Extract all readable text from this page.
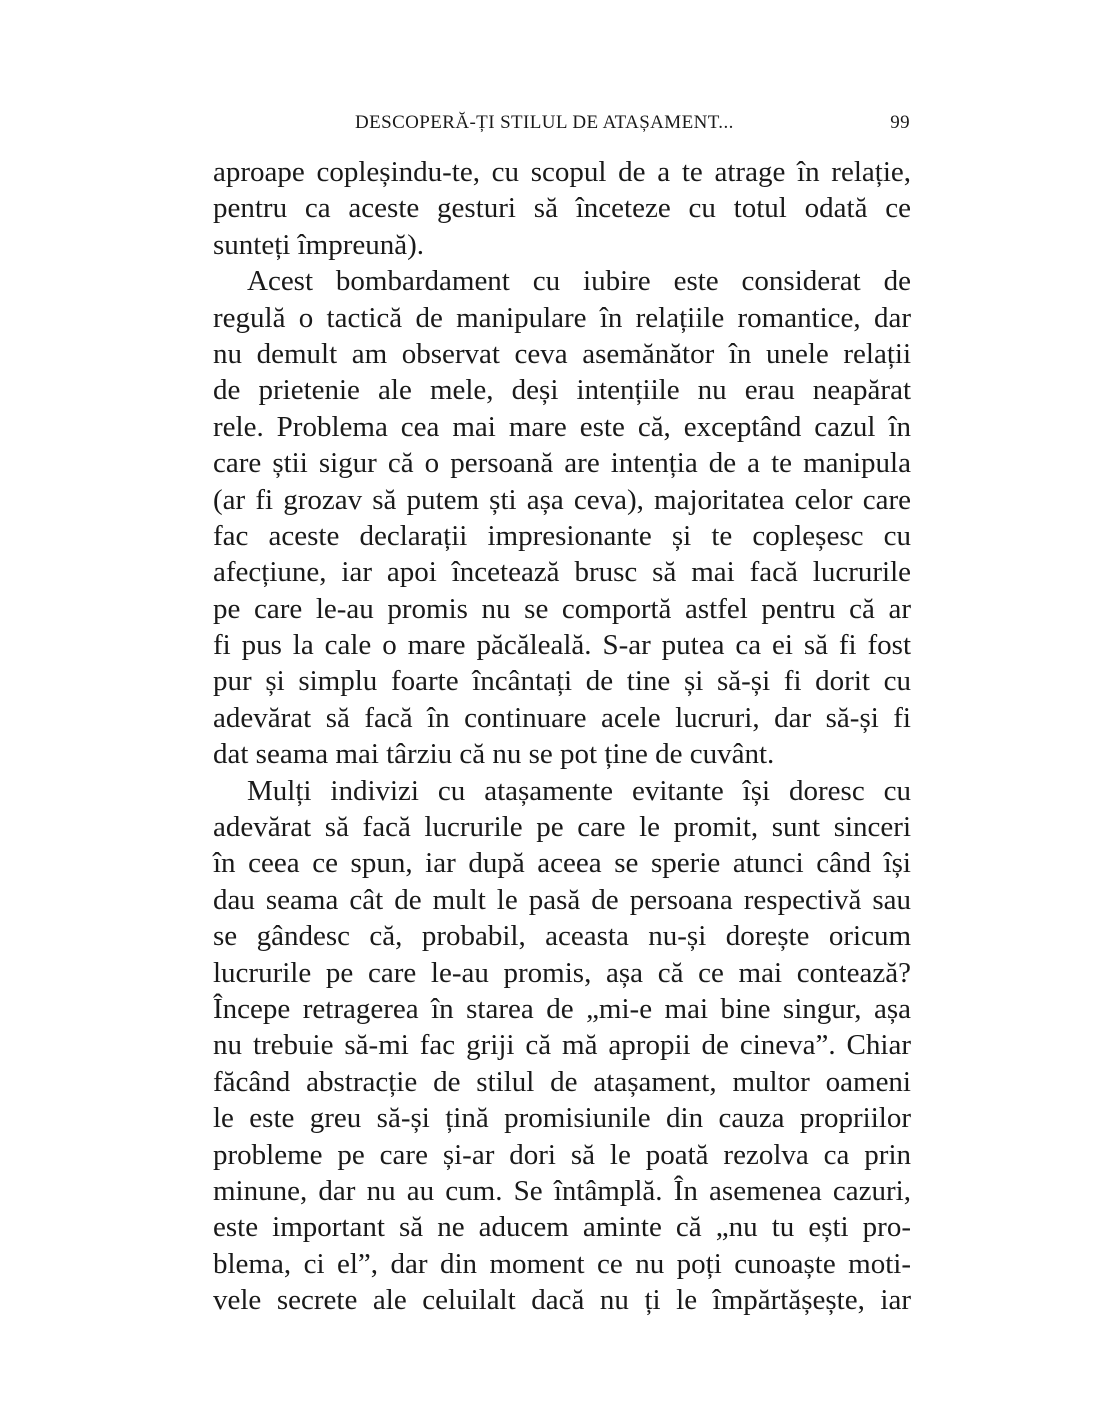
DESCOPERĂ-ȚI STILUL DE ATAȘAMENT...	99
aproape copleșindu-te, cu scopul de a te atrage în relație,
pentru ca aceste gesturi să înceteze cu totul odată ce
sunteți împreună).
Acest bombardament cu iubire este considerat de
regulă o tactică de manipulare în relațiile romantice, dar
nu demult am observat ceva asemănător în unele relații
de prietenie ale mele, deși intențiile nu erau neapărat
rele. Problema cea mai mare este că, exceptând cazul în
care știi sigur că o persoană are intenția de a te manipula
(ar fi grozav să putem ști așa ceva), majoritatea celor care
fac aceste declarații impresionante și te copleșesc cu
afecțiune, iar apoi încetează brusc să mai facă lucrurile
pe care le-au promis nu se comportă astfel pentru că ar
fi pus la cale o mare păcăleală. S-ar putea ca ei să fi fost
pur și simplu foarte încântați de tine și să-și fi dorit cu
adevărat să facă în continuare acele lucruri, dar să-și fi
dat seama mai târziu că nu se pot ține de cuvânt.
Mulți indivizi cu atașamente evitante își doresc cu
adevărat să facă lucrurile pe care le promit, sunt sinceri
în ceea ce spun, iar după aceea se sperie atunci când își
dau seama cât de mult le pasă de persoana respectivă sau
se gândesc că, probabil, aceasta nu-și dorește oricum
lucrurile pe care le-au promis, așa că ce mai contează?
Începe retragerea în starea de „mi-e mai bine singur, așa
nu trebuie să-mi fac griji că mă apropii de cineva”. Chiar
făcând abstracție de stilul de atașament, multor oameni
le este greu să-și țină promisiunile din cauza propriilor
probleme pe care și-ar dori să le poată rezolva ca prin
minune, dar nu au cum. Se întâmplă. În asemenea cazuri,
este important să ne aducem aminte că „nu tu ești pro-
blema, ci el”, dar din moment ce nu poți cunoaște moti-
vele secrete ale celuilalt dacă nu ți le împărtășește, iar
